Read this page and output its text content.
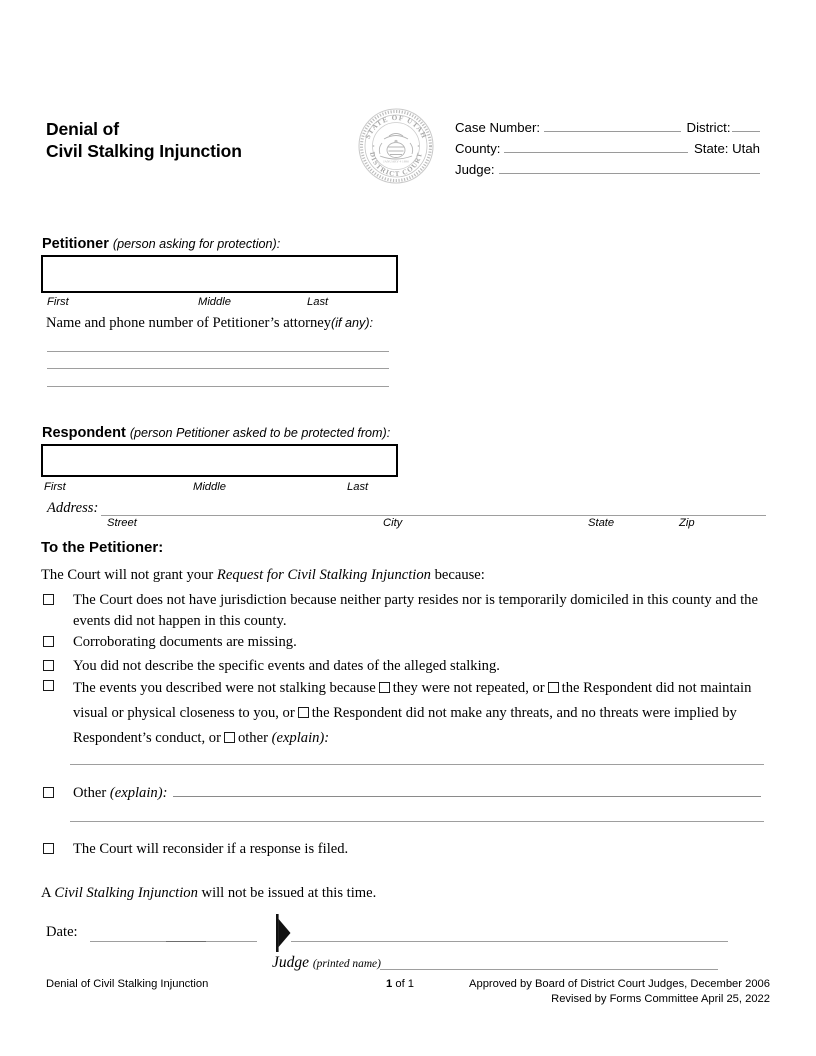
Denial of
Civil Stalking Injunction
STATE OF UTAH
DISTRICT COURT
JANUARY 4 1896
Case Number:	District:
County:	State: Utah
Judge:
Petitioner (person asking for protection):
First	Middle	Last
Name and phone number of Petitioner’s attorney(if any):
Respondent (person Petitioner asked to be protected from):
First	Middle	Last
Address:
Street	City	State	Zip
To the Petitioner:
The Court will not grant your Request for Civil Stalking Injunction because:
The Court does not have jurisdiction because neither party resides nor is temporarily domiciled in this county and the events did not happen in this county.
Corroborating documents are missing.
You did not describe the specific events and dates of the alleged stalking.
The events you described were not stalking because they were not repeated, or the Respondent did not maintain visual or physical closeness to you, or the Respondent did not make any threats, and no threats were implied by Respondent’s conduct, or other (explain):
Other (explain):
The Court will reconsider if a response is filed.
A Civil Stalking Injunction will not be issued at this time.
Date:
Judge (printed name)
Denial of Civil Stalking Injunction	1 of 1	Approved by Board of District Court Judges, December 2006
Revised by Forms Committee April 25, 2022
